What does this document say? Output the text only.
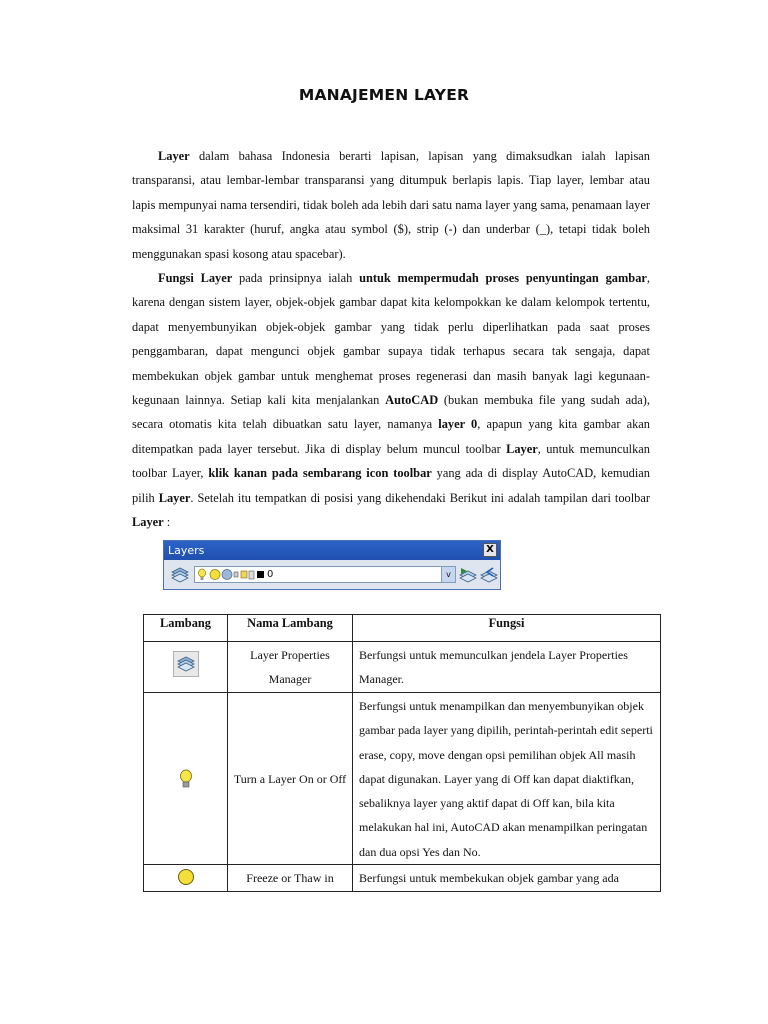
MANAJEMEN LAYER

Layer dalam bahasa Indonesia berarti lapisan, lapisan yang dimaksudkan ialah lapisan transparansi, atau lembar-lembar transparansi yang ditumpuk berlapis lapis. Tiap layer, lembar atau lapis mempunyai nama tersendiri, tidak boleh ada lebih dari satu nama layer yang sama, penamaan layer maksimal 31 karakter (huruf, angka atau symbol ($), strip (-) dan underbar (_), tetapi tidak boleh menggunakan spasi kosong atau spacebar).

Fungsi Layer pada prinsipnya ialah untuk mempermudah proses penyuntingan gambar, karena dengan sistem layer, objek-objek gambar dapat kita kelompokkan ke dalam kelompok tertentu, dapat menyembunyikan objek-objek gambar yang tidak perlu diperlihatkan pada saat proses penggambaran, dapat mengunci objek gambar supaya tidak terhapus secara tak sengaja, dapat membekukan objek gambar untuk menghemat proses regenerasi dan masih banyak lagi kegunaan-kegunaan lainnya. Setiap kali kita menjalankan AutoCAD (bukan membuka file yang sudah ada), secara otomatis kita telah dibuatkan satu layer, namanya layer 0, apapun yang kita gambar akan ditempatkan pada layer tersebut. Jika di display belum muncul toolbar Layer, untuk memunculkan toolbar Layer, klik kanan pada sembarang icon toolbar yang ada di display AutoCAD, kemudian pilih Layer. Setelah itu tempatkan di posisi yang dikehendaki Berikut ini adalah tampilan dari toolbar Layer :

Layers	X
0	v
Lambang	Nama Lambang	Fungsi

	Layer Properties Manager	Berfungsi untuk memunculkan jendela Layer Properties Manager.

	Turn a Layer On or Off	Berfungsi untuk menampilkan dan menyembunyikan objek gambar pada layer yang dipilih, perintah-perintah edit seperti erase, copy, move dengan opsi pemilihan objek All masih dapat digunakan. Layer yang di Off kan dapat diaktifkan, sebaliknya layer yang aktif dapat di Off kan, bila kita melakukan hal ini, AutoCAD akan menampilkan peringatan dan dua opsi Yes dan No.

	Freeze or Thaw in	Berfungsi untuk membekukan objek gambar yang ada
